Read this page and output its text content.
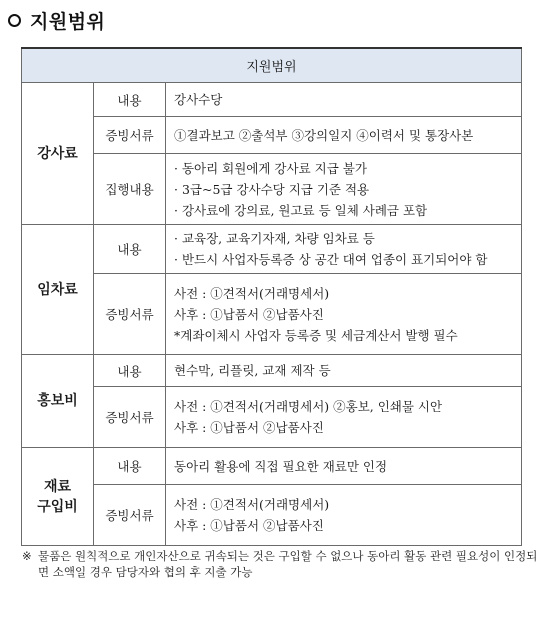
지원범위
지원범위		
강사료	내용	강사수당

	증빙서류	①결과보고 ②출석부 ③강의일지 ④이력서 및 통장사본

	집행내용	· 동아리 회원에게 강사료 지급 불가
· 3급~5급 강사수당 지급 기준 적용
· 강사료에 강의료, 원고료 등 일체 사례금 포함

임차료	내용	· 교육장, 교육기자재, 차량 임차료 등
· 반드시 사업자등록증 상 공간 대여 업종이 표기되어야 함

	증빙서류	사전 : ①견적서(거래명세서)
사후 : ①납품서 ②납품사진
*계좌이체시 사업자 등록증 및 세금계산서 발행 필수

홍보비	내용	현수막, 리플릿, 교재 제작 등

	증빙서류	사전 : ①견적서(거래명세서) ②홍보, 인쇄물 시안
사후 : ①납품서 ②납품사진

재료
구입비	내용	동아리 활용에 직접 필요한 재료만 인정

	증빙서류	사전 : ①견적서(거래명세서)
사후 : ①납품서 ②납품사진
※ 물품은 원칙적으로 개인자산으로 귀속되는 것은 구입할 수 없으나 동아리 활동 관련 필요성이 인정되면 소액일 경우 담당자와 협의 후 지출 가능
